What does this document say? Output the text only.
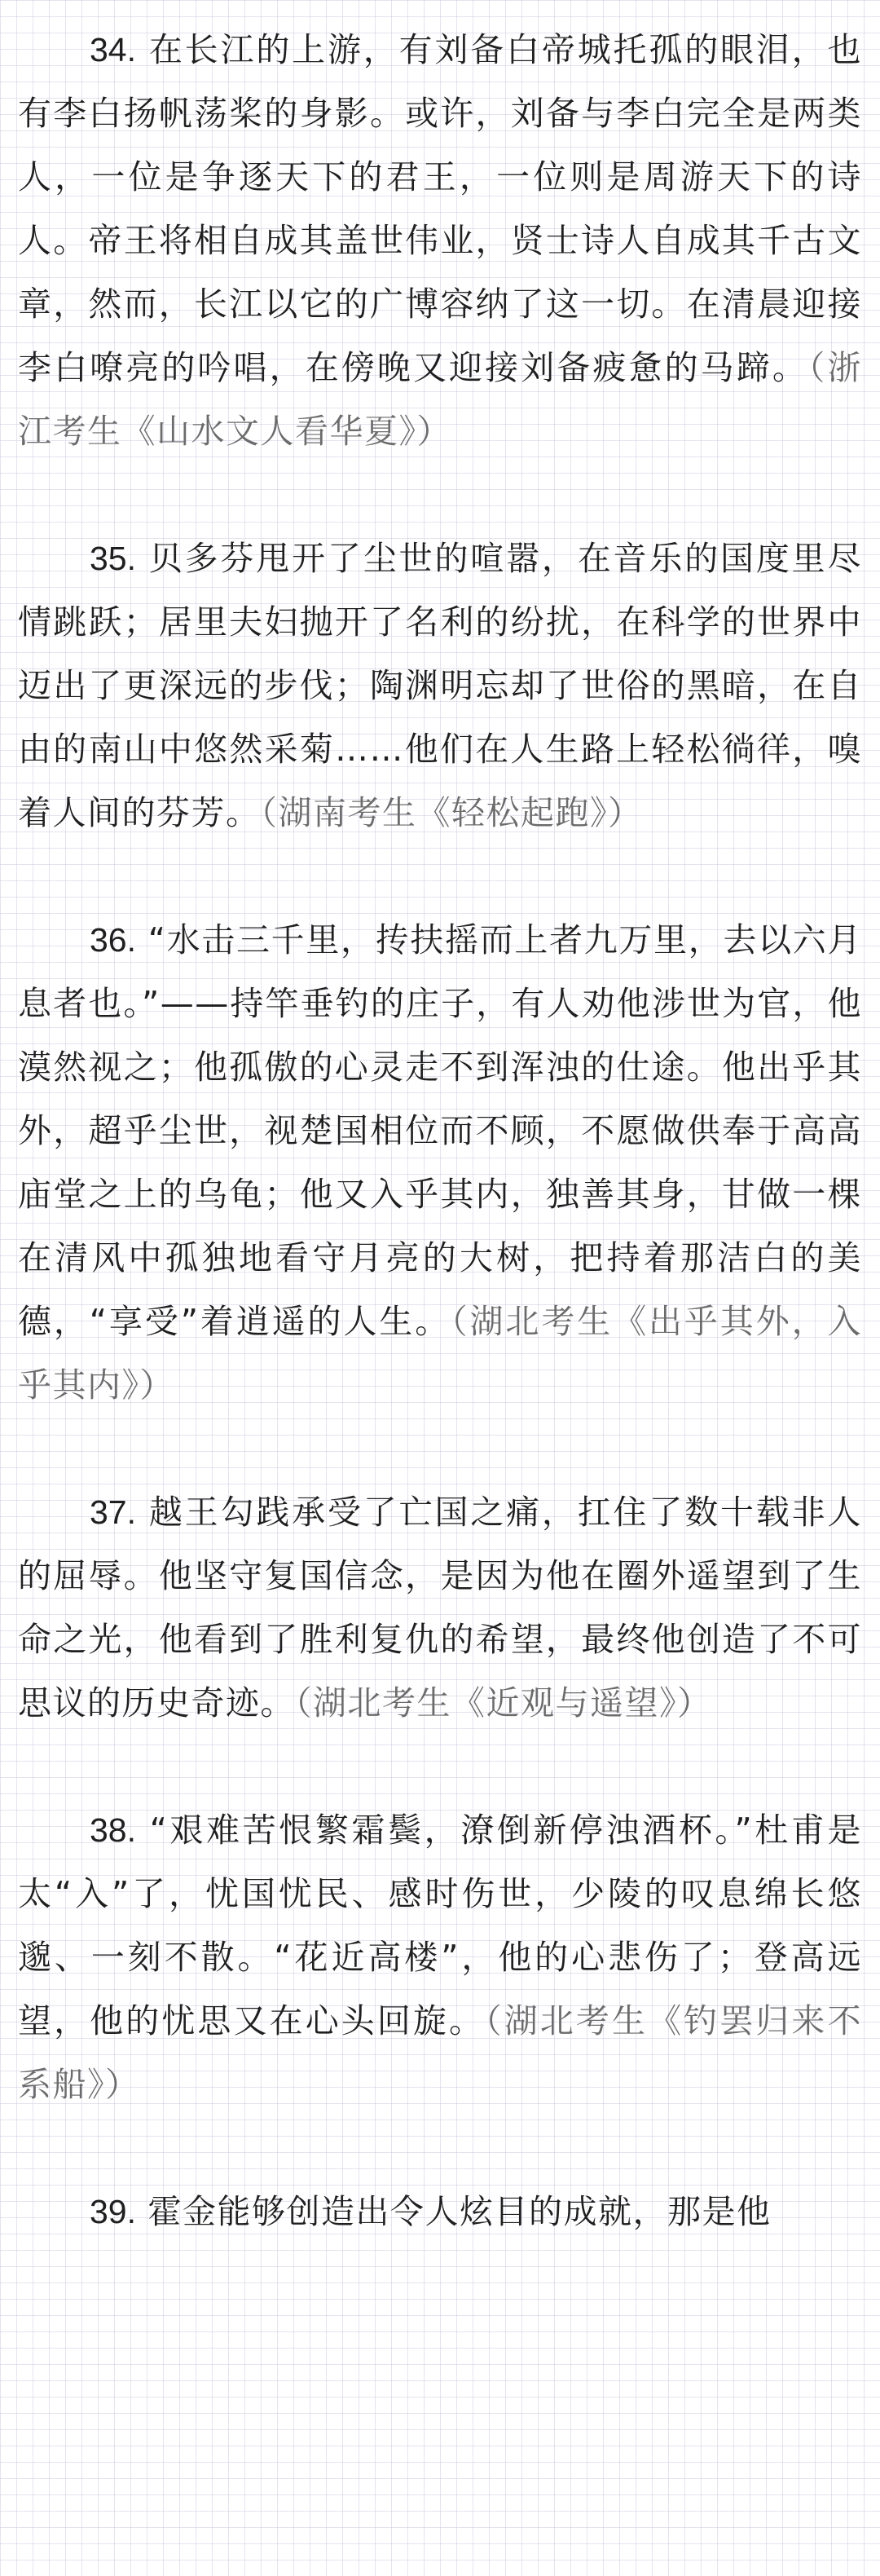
34. 在长江的上游，有刘备白帝城托孤的眼泪，也有李白扬帆荡桨的身影。或许，刘备与李白完全是两类人，一位是争逐天下的君王，一位则是周游天下的诗人。帝王将相自成其盖世伟业，贤士诗人自成其千古文章，然而，长江以它的广博容纳了这一切。在清晨迎接李白嘹亮的吟唱，在傍晚又迎接刘备疲惫的马蹄。（浙江考生《山水文人看华夏》）

35. 贝多芬甩开了尘世的喧嚣，在音乐的国度里尽情跳跃；居里夫妇抛开了名利的纷扰，在科学的世界中迈出了更深远的步伐；陶渊明忘却了世俗的黑暗，在自由的南山中悠然采菊……他们在人生路上轻松徜徉，嗅着人间的芬芳。（湖南考生《轻松起跑》）

36. “水击三千里，抟扶摇而上者九万里，去以六月息者也。”——持竿垂钓的庄子，有人劝他涉世为官，他漠然视之；他孤傲的心灵走不到浑浊的仕途。他出乎其外，超乎尘世，视楚国相位而不顾，不愿做供奉于高高庙堂之上的乌龟；他又入乎其内，独善其身，甘做一棵在清风中孤独地看守月亮的大树，把持着那洁白的美德，“享受”着逍遥的人生。（湖北考生《出乎其外，入乎其内》）

37. 越王勾践承受了亡国之痛，扛住了数十载非人的屈辱。他坚守复国信念，是因为他在圈外遥望到了生命之光，他看到了胜利复仇的希望，最终他创造了不可思议的历史奇迹。（湖北考生《近观与遥望》）

38. “艰难苦恨繁霜鬓，潦倒新停浊酒杯。”杜甫是太“入”了，忧国忧民、感时伤世，少陵的叹息绵长悠邈、一刻不散。“花近高楼”，他的心悲伤了；登高远望，他的忧思又在心头回旋。（湖北考生《钓罢归来不系船》）

39. 霍金能够创造出令人炫目的成就，那是他
